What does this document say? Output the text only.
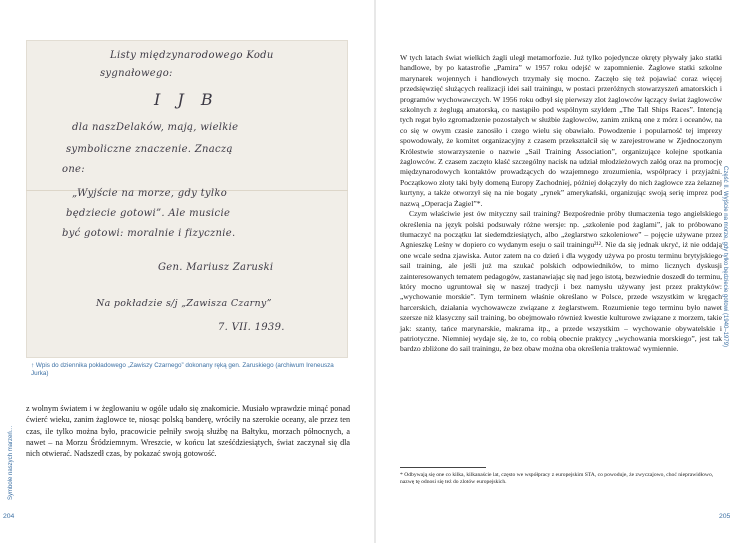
Listy międzynarodowego Kodu
sygnałowego:
I J B
dla naszDelaków, mają, wielkie
symboliczne znaczenie. Znaczą
one:
„Wyjście na morze, gdy tylko
będziecie gotowi”. Ale musicie
być gotowi: moralnie i fizycznie.
Gen. Mariusz Zaruski
Na pokładzie s/j „Zawisza Czarny”
7. VII. 1939.
↑ Wpis do dziennika pokładowego „Zawiszy Czarnego” dokonany ręką gen. Zaruskiego (archiwum Ireneusza Jurka)

z wolnym światem i w żeglowaniu w ogóle udało się znakomicie. Musiało wprawdzie minąć ponad ćwierć wieku, zanim żaglowce te, niosąc polską banderę, wróciły na szerokie oceany, ale przez ten czas, ile tylko można było, pracowicie pełniły swoją służbę na Bałtyku, morzach północnych, a nawet – na Morzu Śródziemnym. Wreszcie, w końcu lat sześćdziesiątych, świat zaczynał się dla nich otwierać. Nadszedł czas, by pokazać swoją gotowość.

Symbole naszych marzeń…
204

W tych latach świat wielkich żagli uległ metamorfozie. Już tylko pojedyncze okręty pływały jako statki handlowe, by po katastrofie „Pamira” w 1957 roku odejść w zapomnienie. Żaglowe statki szkolne marynarek wojennych i handlowych trzymały się mocno. Zaczęło się też pojawiać coraz więcej przedsięwzięć służących realizacji idei sail trainingu, w postaci przeróżnych stowarzyszeń amatorskich i programów wychowawczych. W 1956 roku odbył się pierwszy zlot żaglowców łączący świat żaglowców szkolnych z żeglugą amatorską, co nastąpiło pod wspólnym szyldem „The Tall Ships Races”. Intencją tych regat było zgromadzenie pozostałych w służbie żaglowców, zanim znikną one z mórz i oceanów, na co się w owym czasie zanosiło i czego wielu się obawiało. Powodzenie i popularność tej imprezy spowodowały, że komitet organizacyjny z czasem przekształcił się w zarejestrowane w Zjednoczonym Królestwie stowarzyszenie o nazwie „Sail Training Association”, organizujące kolejne spotkania żaglowców. Z czasem zaczęto kłaść szczególny nacisk na udział młodzieżowych załóg oraz na promocję międzynarodowych kontaktów prowadzących do wzajemnego zrozumienia, współpracy i przyjaźni. Początkowo złoty taki były domeną Europy Zachodniej, później dołączyły do nich żaglowce zza żelaznej kurtyny, a także otworzył się na nie bogaty „rynek” amerykański, organizując swoją serię imprez pod nazwą „Operacja Żagiel”*.

Czym właściwie jest ów mityczny sail training? Bezpośrednie próby tłumaczenia tego angielskiego określenia na język polski podsuwały różne wersje: np. „szkolenie pod żaglami”, jak to próbowano tłumaczyć na początku lat siedemdziesiątych, albo „żeglarstwo szkoleniowe” – pojęcie używane przez Agnieszkę Leśny w dopiero co wydanym eseju o sail trainingu²¹². Nie da się jednak ukryć, iż nie oddają one wcale sedna zjawiska. Autor zatem na co dzień i dla wygody używa po prostu terminu brytyjskiego sail training, ale jeśli już ma szukać polskich odpowiedników, to mimo licznych dyskusji zainteresowanych tematem pedagogów, zastanawiając się nad jego istotą, bezwiednie doszedł do terminu, który mocno ugruntował się w naszej tradycji i bez namysłu używany jest przez praktyków: „wychowanie morskie”. Tym terminem właśnie określano w Polsce, przede wszystkim w kręgach harcerskich, działania wychowawcze związane z żeglarstwem. Rozumienie tego terminu było nawet szersze niż klasyczny sail training, bo obejmowało również kwestie kulturowe związane z morzem, takie jak: szanty, tańce marynarskie, makrama itp., a przede wszystkim – wychowanie obywatelskie i patriotyczne. Niemniej wydaje się, że to, co robią obecnie praktycy „wychowania morskiego”, jest tak bardzo zbliżone do sail trainingu, że bez obaw można oba określenia traktować wymiennie.

* Odbywają się one co kilka, kilkanaście lat, często we współpracy z europejskim STA, co powoduje, że zwyczajowo, choć nieprawidłowo, nazwę tę odnosi się też do zlotów europejskich.
Część II. Wyjście na morze, gdy tylko będziecie gotowi (1940–1979)
205
